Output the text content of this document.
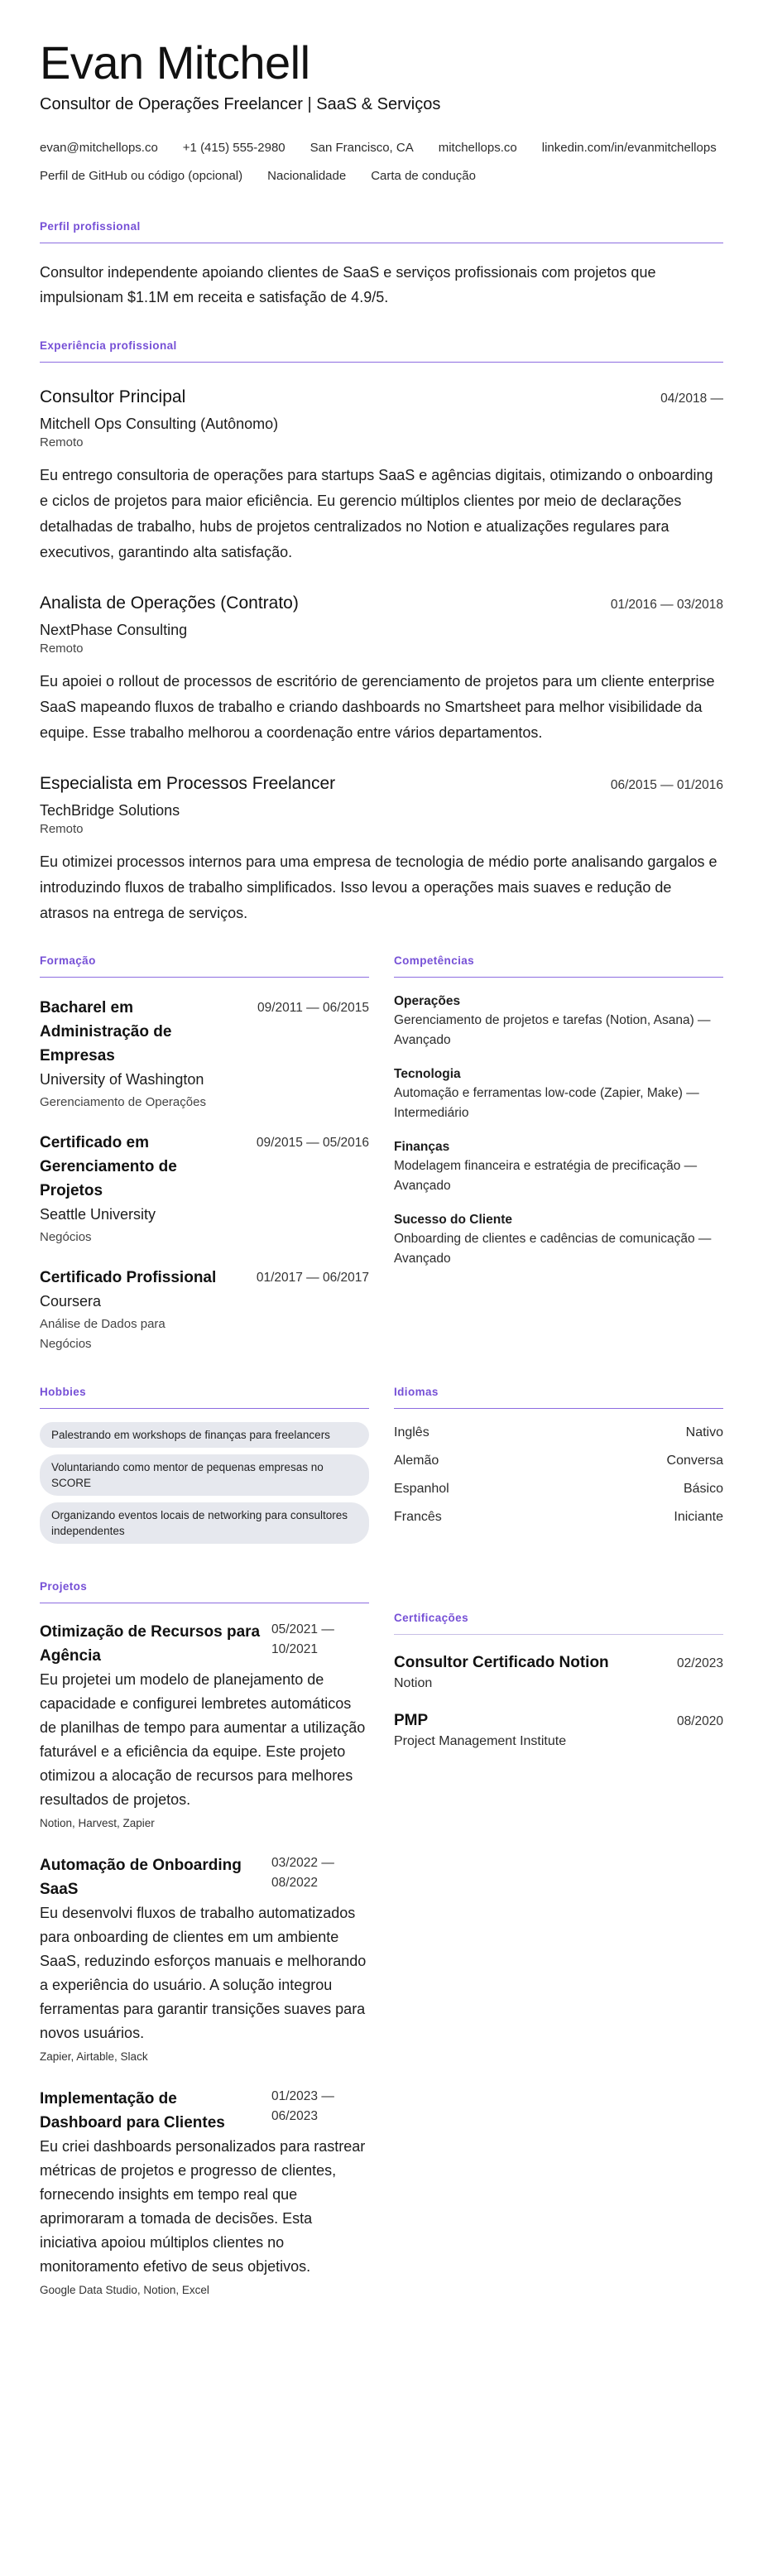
Evan Mitchell
Consultor de Operações Freelancer | SaaS & Serviços
evan@mitchellops.co +1 (415) 555-2980 San Francisco, CA mitchellops.co linkedin.com/in/evanmitchellops
Perfil de GitHub ou código (opcional) Nacionalidade Carta de condução
Perfil profissional

Consultor independente apoiando clientes de SaaS e serviços profissionais com projetos que impulsionam $1.1M em receita e satisfação de 4.9/5.

Experiência profissional
Consultor Principal	04/2018 —
Mitchell Ops Consulting (Autônomo)
Remoto

Eu entrego consultoria de operações para startups SaaS e agências digitais, otimizando o onboarding e ciclos de projetos para maior eficiência. Eu gerencio múltiplos clientes por meio de declarações detalhadas de trabalho, hubs de projetos centralizados no Notion e atualizações regulares para executivos, garantindo alta satisfação.

Analista de Operações (Contrato)	01/2016 — 03/2018
NextPhase Consulting
Remoto

Eu apoiei o rollout de processos de escritório de gerenciamento de projetos para um cliente enterprise SaaS mapeando fluxos de trabalho e criando dashboards no Smartsheet para melhor visibilidade da equipe. Esse trabalho melhorou a coordenação entre vários departamentos.

Especialista em Processos Freelancer	06/2015 — 01/2016
TechBridge Solutions
Remoto

Eu otimizei processos internos para uma empresa de tecnologia de médio porte analisando gargalos e introduzindo fluxos de trabalho simplificados. Isso levou a operações mais suaves e redução de atrasos na entrega de serviços.

Formação
Bacharel em Administração de Empresas
09/2011 — 06/2015
University of Washington
Gerenciamento de Operações
Certificado em Gerenciamento de Projetos
09/2015 — 05/2016
Seattle University
Negócios
Certificado Profissional	01/2017 — 06/2017
Coursera
Análise de Dados para Negócios
Competências
Operações
Gerenciamento de projetos e tarefas (Notion, Asana) — Avançado
Tecnologia
Automação e ferramentas low-code (Zapier, Make) — Intermediário
Finanças
Modelagem financeira e estratégia de precificação — Avançado
Sucesso do Cliente
Onboarding de clientes e cadências de comunicação — Avançado
Hobbies
Palestrando em workshops de finanças para freelancers
Voluntariando como mentor de pequenas empresas no SCORE
Organizando eventos locais de networking para consultores independentes
Idiomas
Inglês	Nativo
Alemão	Conversa
Espanhol	Básico
Francês	Iniciante
Projetos
Otimização de Recursos para Agência
05/2021 — 10/2021

Eu projetei um modelo de planejamento de capacidade e configurei lembretes automáticos de planilhas de tempo para aumentar a utilização faturável e a eficiência da equipe. Este projeto otimizou a alocação de recursos para melhores resultados de projetos.

Notion, Harvest, Zapier
Automação de Onboarding SaaS
03/2022 — 08/2022

Eu desenvolvi fluxos de trabalho automatizados para onboarding de clientes em um ambiente SaaS, reduzindo esforços manuais e melhorando a experiência do usuário. A solução integrou ferramentas para garantir transições suaves para novos usuários.

Zapier, Airtable, Slack
Implementação de Dashboard para Clientes
01/2023 — 06/2023

Eu criei dashboards personalizados para rastrear métricas de projetos e progresso de clientes, fornecendo insights em tempo real que aprimoraram a tomada de decisões. Esta iniciativa apoiou múltiplos clientes no monitoramento efetivo de seus objetivos.

Google Data Studio, Notion, Excel
Certificações
Consultor Certificado Notion	02/2023
Notion
PMP	08/2020
Project Management Institute
